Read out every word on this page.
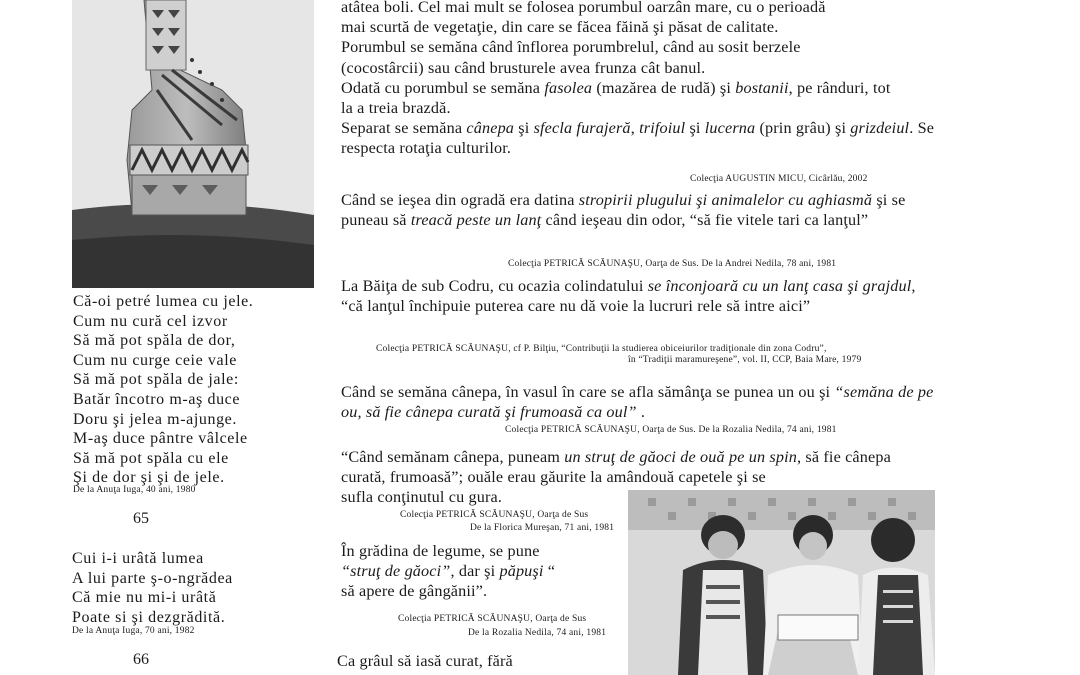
Că-oi petré lumea cu jele.
Cum nu cură cel izvor
Să mă pot spăla de dor,
Cum nu curge ceie vale
Să mă pot spăla de jale:
Batăr încotro m-aş duce
Doru şi jelea m-ajunge.
M-aş duce pântre vâlcele
Să mă pot spăla cu ele
Şi de dor şi şi de jele.
De la Anuţa Iuga, 40 ani, 1980
65
Cui i-i urâtă lumea
A lui parte ş-o-ngrădea
Că mie nu mi-i urâtă
Poate si şi dezgrădită.
De la Anuţa Iuga, 70 ani, 1982
66
atâtea boli. Cel mai mult se folosea porumbul oarzân mare, cu o perioadă
mai scurtă de vegetaţie, din care se făcea făină şi păsat de calitate.
Porumbul se semăna când înflorea porumbrelul, când au sosit berzele
(cocostârcii) sau când brusturele avea frunza cât banul.

Odată cu porumbul se semăna fasolea (mazărea de rudă) şi bostanii, pe rânduri, tot la a treia brazdă.

Separat se semăna cânepa şi sfecla furajeră, trifoiul şi lucerna (prin grâu) şi grizdeiul. Se respecta rotaţia culturilor.

Colecţia AUGUSTIN MICU, Cicârlău, 2002

Când se ieşea din ogradă era datina stropirii plugului şi animalelor cu aghiasmă şi se puneau să treacă peste un lanţ când ieşeau din odor, “să fie vitele tari ca lanţul”

Colecţia PETRICĂ SCĂUNAŞU, Oarţa de Sus. De la Andrei Nedila, 78 ani, 1981

La Băiţa de sub Codru, cu ocazia colindatului se înconjoară cu un lanţ casa şi grajdul, “că lanţul închipuie puterea care nu dă voie la lucruri rele să intre aici”

Colecţia PETRICĂ SCĂUNAŞU, cf P. Bilţiu, “Contribuţii la studierea obiceiurilor tradiţionale din zona Codru”,
în “Tradiţii maramureşene”, vol. II, CCP, Baia Mare, 1979

Când se semăna cânepa, în vasul în care se afla sămânţa se punea un ou şi “semăna de pe ou, să fie cânepa curată şi frumoasă ca oul” .

Colecţia PETRICĂ SCĂUNAŞU, Oarţa de Sus. De la Rozalia Nedila, 74 ani, 1981

“Când semănam cânepa, puneam un struţ de găoci de ouă pe un spin, să fie cânepa curată, frumoasă”; ouăle erau găurite la amândouă capetele şi se

sufla conţinutul cu gura.
Colecţia PETRICĂ SCĂUNAŞU, Oarţa de Sus
De la Florica Mureşan, 71 ani, 1981
În grădina de legume, se pune
“struţ de găoci”, dar şi păpuşi “
să apere de gângănii”.
Colecţia PETRICĂ SCĂUNAŞU, Oarţa de Sus
De la Rozalia Nedila, 74 ani, 1981
Ca grâul să iasă curat, fără
